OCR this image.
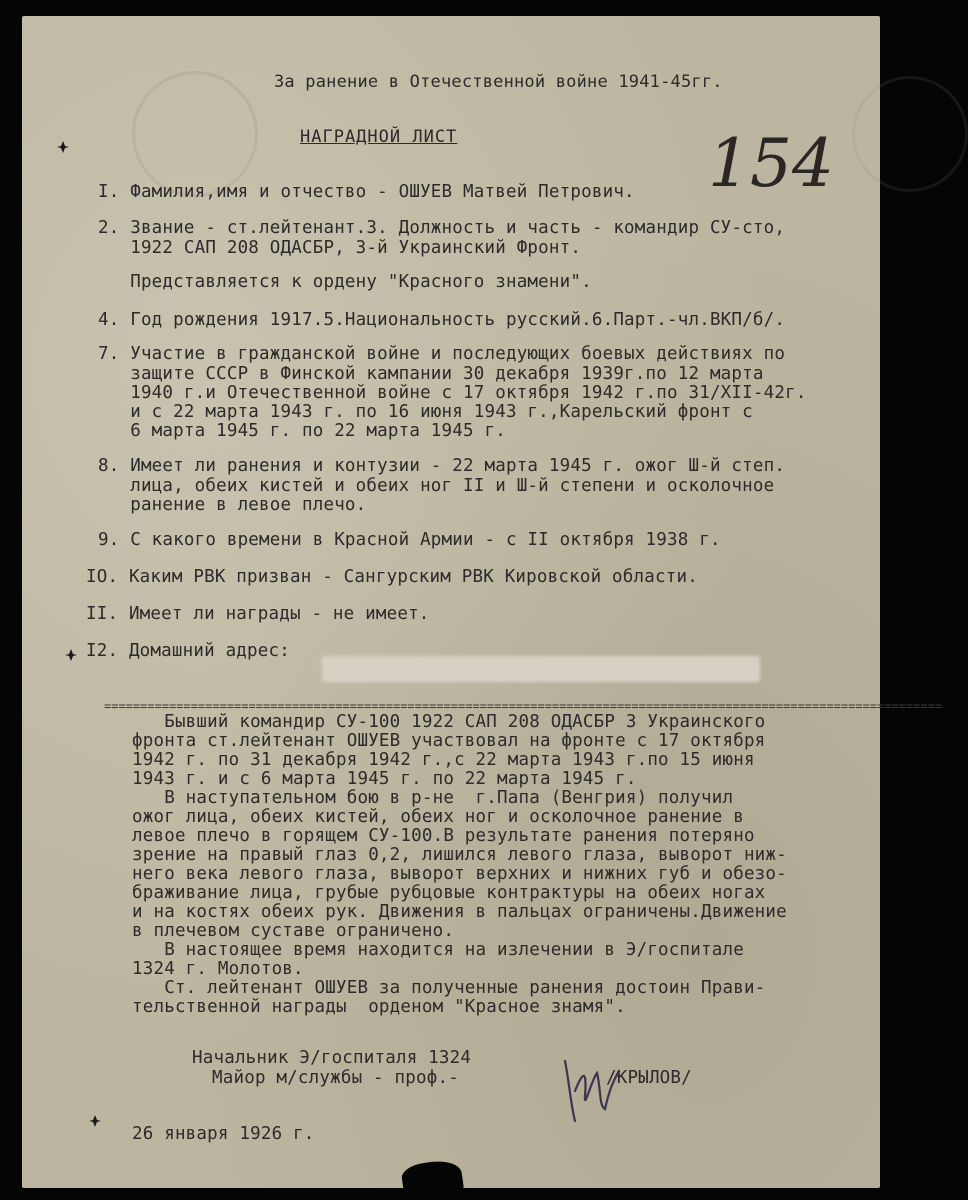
За ранение в Отечественной войне 1941-45гг.
НАГРАДНОЙ ЛИСТ	154
I. Фамилия,имя и отчество - ОШУЕВ Матвей Петрович.
2. Звание - ст.лейтенант.3. Должность и часть - командир СУ-сто,
1922 САП 208 ОДАСБР, 3-й Украинский Фронт.
Представляется к ордену "Красного знамени".
4. Год рождения 1917.5.Национальность русский.6.Парт.-чл.ВКП/б/.
7. Участие в гражданской войне и последующих боевых действиях по
защите СССР в Финской кампании 30 декабря 1939г.по 12 марта
1940 г.и Отечественной войне с 17 октября 1942 г.по 31/XII-42г.
и с 22 марта 1943 г. по 16 июня 1943 г.,Карельский фронт с
6 марта 1945 г. по 22 марта 1945 г.
8. Имеет ли ранения и контузии - 22 марта 1945 г. ожог Ш-й степ.
лица, обеих кистей и обеих ног II и Ш-й степени и осколочное
ранение в левое плечо.
9. С какого времени в Красной Армии - с II октября 1938 г.
IO. Каким РВК призван - Сангурским РВК Кировской области.
II. Имеет ли награды - не имеет.
I2. Домашний адрес:
====================================================================================================================
Бывший командир СУ-100 1922 САП 208 ОДАСБР 3 Украинского
фронта ст.лейтенант ОШУЕВ участвовал на фронте с 17 октября
1942 г. по 31 декабря 1942 г.,с 22 марта 1943 г.по 15 июня
1943 г. и с 6 марта 1945 г. по 22 марта 1945 г.
В наступательном бою в р-не  г.Папа (Венгрия) получил
ожог лица, обеих кистей, обеих ног и осколочное ранение в
левое плечо в горящем СУ-100.В результате ранения потеряно
зрение на правый глаз 0,2, лишился левого глаза, выворот ниж-
него века левого глаза, выворот верхних и нижних губ и обезо-
браживание лица, грубые рубцовые контрактуры на обеих ногах
и на костях обеих рук. Движения в пальцах ограничены.Движение
в плечевом суставе ограничено.
В настоящее время находится на излечении в Э/госпитале
1324 г. Молотов.
Ст. лейтенант ОШУЕВ за полученные ранения достоин Прави-
тельственной награды  орденом "Красное знамя".
Начальник Э/госпиталя 1324
Майор м/службы - проф.-	/КРЫЛОВ/
26 января 1926 г.
